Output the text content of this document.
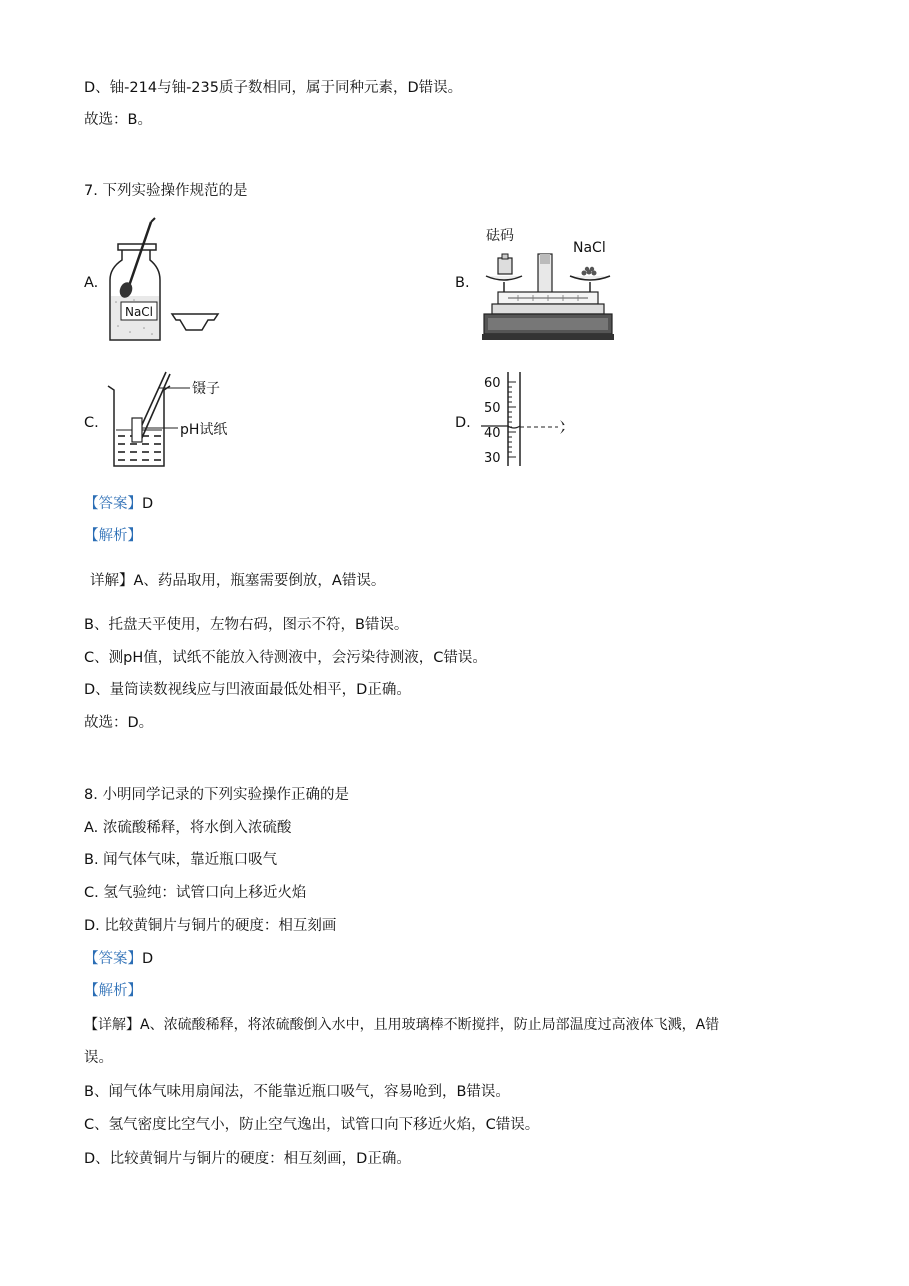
D、铀-214与铀-235质子数相同，属于同种元素，D错误。
故选：B。
7. 下列实验操作规范的是
A.	B.
C.	D.
NaCl
砝码
NaCl
镊子
pH试纸
60
50
40
30
【答案】D
【解析】
详解】A、药品取用，瓶塞需要倒放，A错误。
B、托盘天平使用，左物右码，图示不符，B错误。
C、测pH值，试纸不能放入待测液中，会污染待测液，C错误。
D、量筒读数视线应与凹液面最低处相平，D正确。
故选：D。
8. 小明同学记录的下列实验操作正确的是
A. 浓硫酸稀释，将水倒入浓硫酸
B. 闻气体气味，靠近瓶口吸气
C. 氢气验纯：试管口向上移近火焰
D. 比较黄铜片与铜片的硬度：相互刻画
【答案】D
【解析】
【详解】A、浓硫酸稀释，将浓硫酸倒入水中，且用玻璃棒不断搅拌，防止局部温度过高液体飞溅，A错
误。
B、闻气体气味用扇闻法，不能靠近瓶口吸气，容易呛到，B错误。
C、氢气密度比空气小，防止空气逸出，试管口向下移近火焰，C错误。
D、比较黄铜片与铜片的硬度：相互刻画，D正确。
